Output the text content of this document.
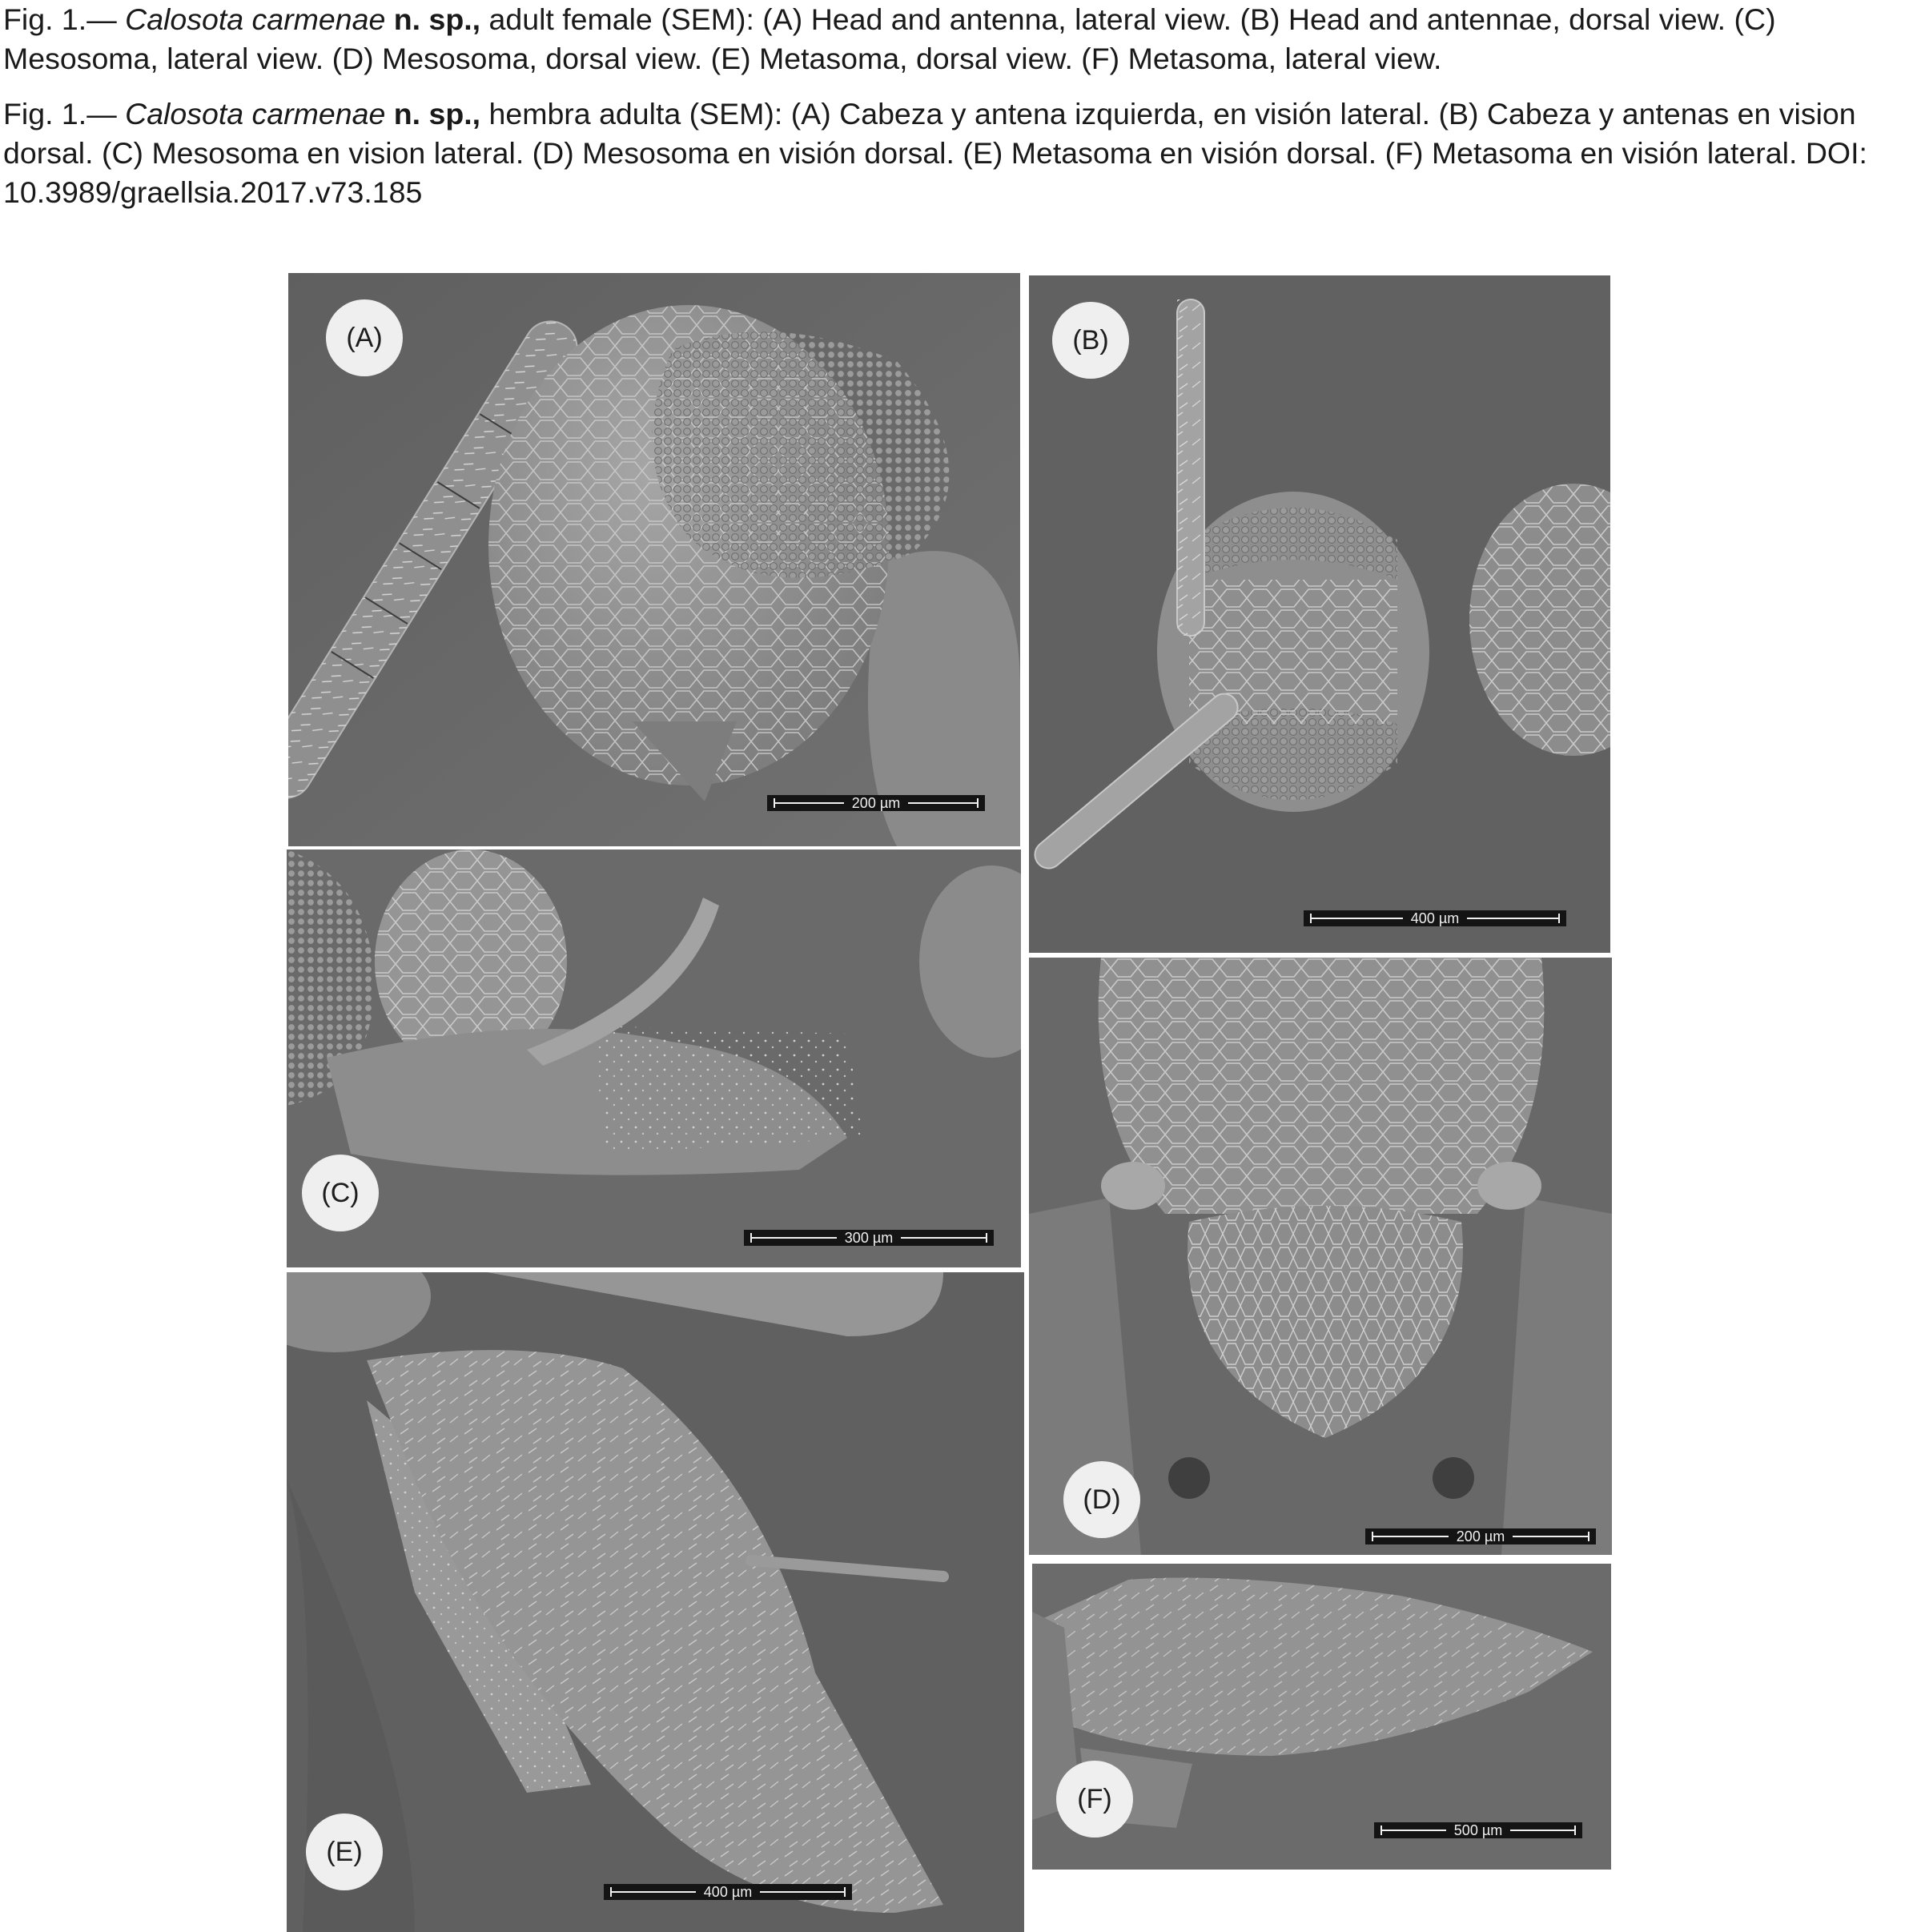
Fig. 1.— Calosota carmenae n. sp., adult female (SEM): (A) Head and antenna, lateral view. (B) Head and antennae, dorsal view. (C) Mesosoma, lateral view. (D) Mesosoma, dorsal view. (E) Metasoma, dorsal view. (F) Metasoma, lateral view.
Fig. 1.— Calosota carmenae n. sp., hembra adulta (SEM): (A) Cabeza y antena izquierda, en visión lateral. (B) Cabeza y antenas en vision dorsal. (C) Mesosoma en vision lateral. (D) Mesosoma en visión dorsal. (E) Metasoma en visión dorsal. (F) Metasoma en visión lateral. DOI: 10.3989/graellsia.2017.v73.185
(A)
200 µm
(B)
400 µm
(C)
300 µm
(D)
200 µm
(E)
400 µm
(F)
500 µm
